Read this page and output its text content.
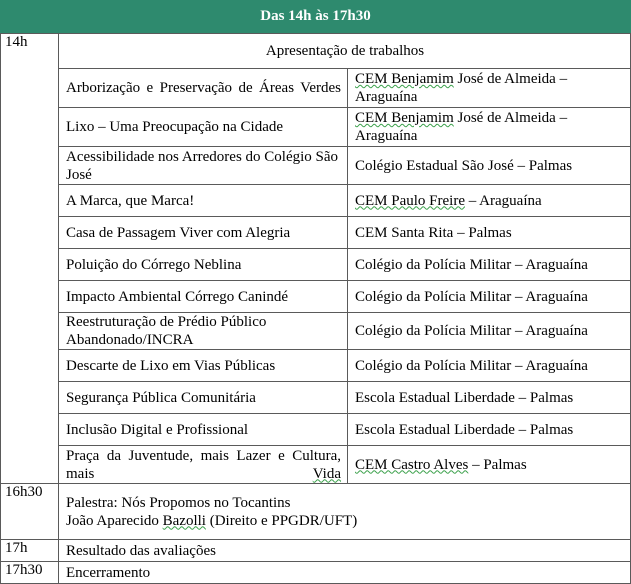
Das 14h às 17h30
14h	Apresentação de trabalhos	
	Arborização e Preservação de Áreas Verdes	CEM Benjamim José de Almeida – Araguaína
	Lixo – Uma Preocupação na Cidade	CEM Benjamim José de Almeida – Araguaína
	Acessibilidade nos Arredores do Colégio São José	Colégio Estadual São José – Palmas
	A Marca, que Marca!	CEM Paulo Freire – Araguaína
	Casa de Passagem Viver com Alegria	CEM Santa Rita – Palmas
	Poluição do Córrego Neblina	Colégio da Polícia Militar – Araguaína
	Impacto Ambiental Córrego Canindé	Colégio da Polícia Militar – Araguaína
	Reestruturação de Prédio Público Abandonado/INCRA	Colégio da Polícia Militar – Araguaína
	Descarte de Lixo em Vias Públicas	Colégio da Polícia Militar – Araguaína
	Segurança Pública Comunitária	Escola Estadual Liberdade – Palmas
	Inclusão Digital e Profissional	Escola Estadual Liberdade – Palmas
	Praça da Juventude, mais Lazer e Cultura, mais Vida	CEM Castro Alves – Palmas
16h30	Palestra: Nós Propomos no Tocantins
João Aparecido Bazolli (Direito e PPGDR/UFT)	

17h	Resultado das avaliações	
17h30	Encerramento	
